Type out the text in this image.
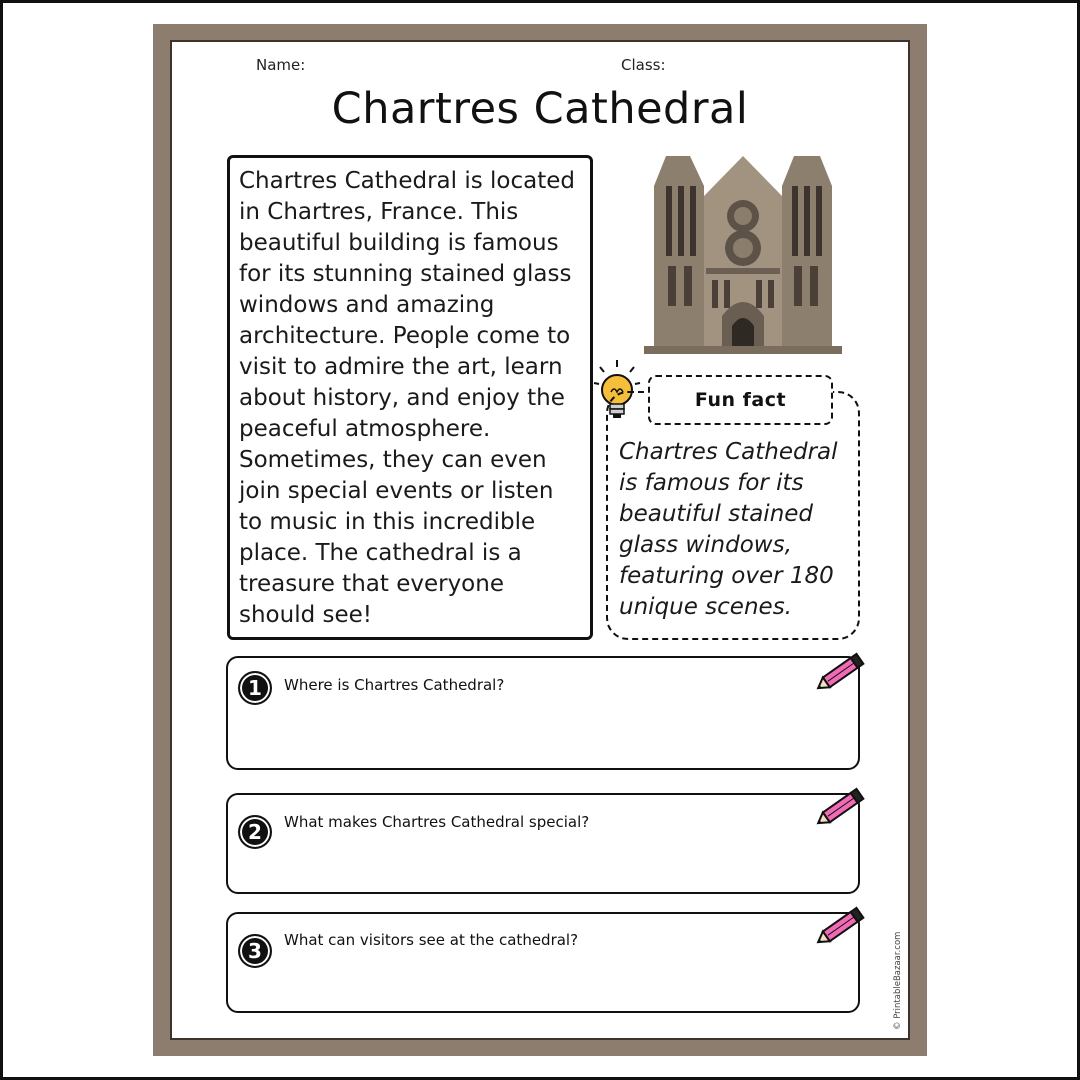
Name:	Class:
Chartres Cathedral

Chartres Cathedral is located in Chartres, France. This beautiful building is famous for its stunning stained glass windows and amazing architecture. People come to visit to admire the art, learn about history, and enjoy the peaceful atmosphere. Sometimes, they can even join special events or listen to music in this incredible place. The cathedral is a treasure that everyone should see!

Chartres Cathedral is famous for its beautiful stained glass windows, featuring over 180 unique scenes.

Fun fact
1	Where is Chartres Cathedral?
2	What makes Chartres Cathedral special?
3	What can visitors see at the cathedral?	© PrintableBazaar.com
